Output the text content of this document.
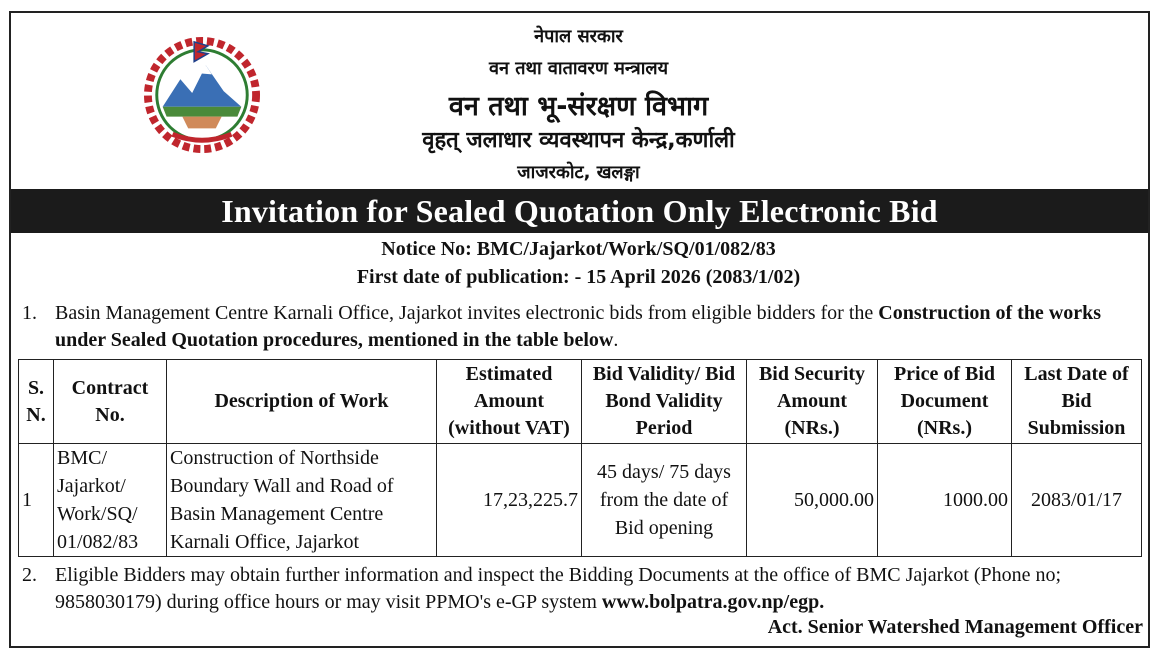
नेपाल सरकार
वन तथा वातावरण मन्त्रालय
वन तथा भू-संरक्षण विभाग
वृहत् जलाधार व्यवस्थापन केन्द्र,कर्णाली
जाजरकोट, खलङ्गा
Invitation for Sealed Quotation Only Electronic Bid
Notice No: BMC/Jajarkot/Work/SQ/01/082/83
First date of publication: - 15 April 2026 (2083/1/02)
1. Basin Management Centre Karnali Office, Jajarkot invites electronic bids from eligible bidders for the Construction of the works under Sealed Quotation procedures, mentioned in the table below.
S. N.	Contract No.	Description of Work	Estimated Amount (without VAT)	Bid Validity/ Bid Bond Validity Period	Bid Security Amount (NRs.)	Price of Bid Document (NRs.)	Last Date of Bid Submission
1	BMC/ Jajarkot/ Work/SQ/ 01/082/83	Construction of Northside Boundary Wall and Road of Basin Management Centre Karnali Office, Jajarkot	17,23,225.7	45 days/ 75 days from the date of Bid opening	50,000.00	1000.00	2083/01/17
2. Eligible Bidders may obtain further information and inspect the Bidding Documents at the office of BMC Jajarkot (Phone no; 9858030179) during office hours or may visit PPMO's e-GP system www.bolpatra.gov.np/egp.
Act. Senior Watershed Management Officer
